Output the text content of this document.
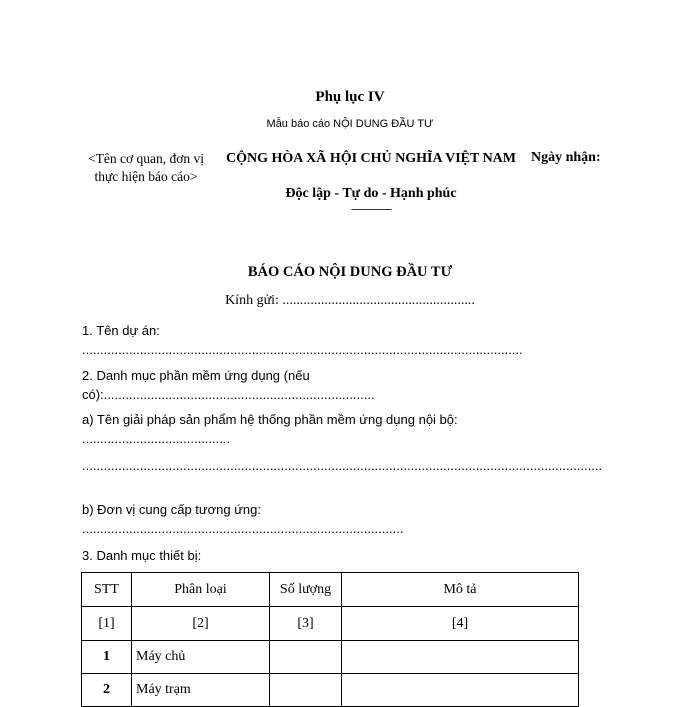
Phụ lục IV
Mẫu báo cáo NỘI DUNG ĐẦU TƯ
<Tên cơ quan, đơn vị
thực hiện báo cáo>
CỘNG HÒA XÃ HỘI CHỦ NGHĨA VIỆT NAM
Độc lập - Tự do - Hạnh phúc
---------------
Ngày nhận:
BÁO CÁO NỘI DUNG ĐẦU TƯ
Kính gửi: .......................................................
1. Tên dự án: ..........................................................................................................................
2. Danh mục phần mềm ứng dụng (nếu có):...........................................................................
a) Tên giải pháp sản phẩm hệ thống phần mềm ứng dụng nội bộ: .........................................
................................................................................................................................................
b) Đơn vị cung cấp tương ứng: .........................................................................................
3. Danh mục thiết bị:
STT	Phân loại	Số lượng	Mô tả
[1]	[2]	[3]	[4]
1	Máy chủ		
2	Máy trạm		
